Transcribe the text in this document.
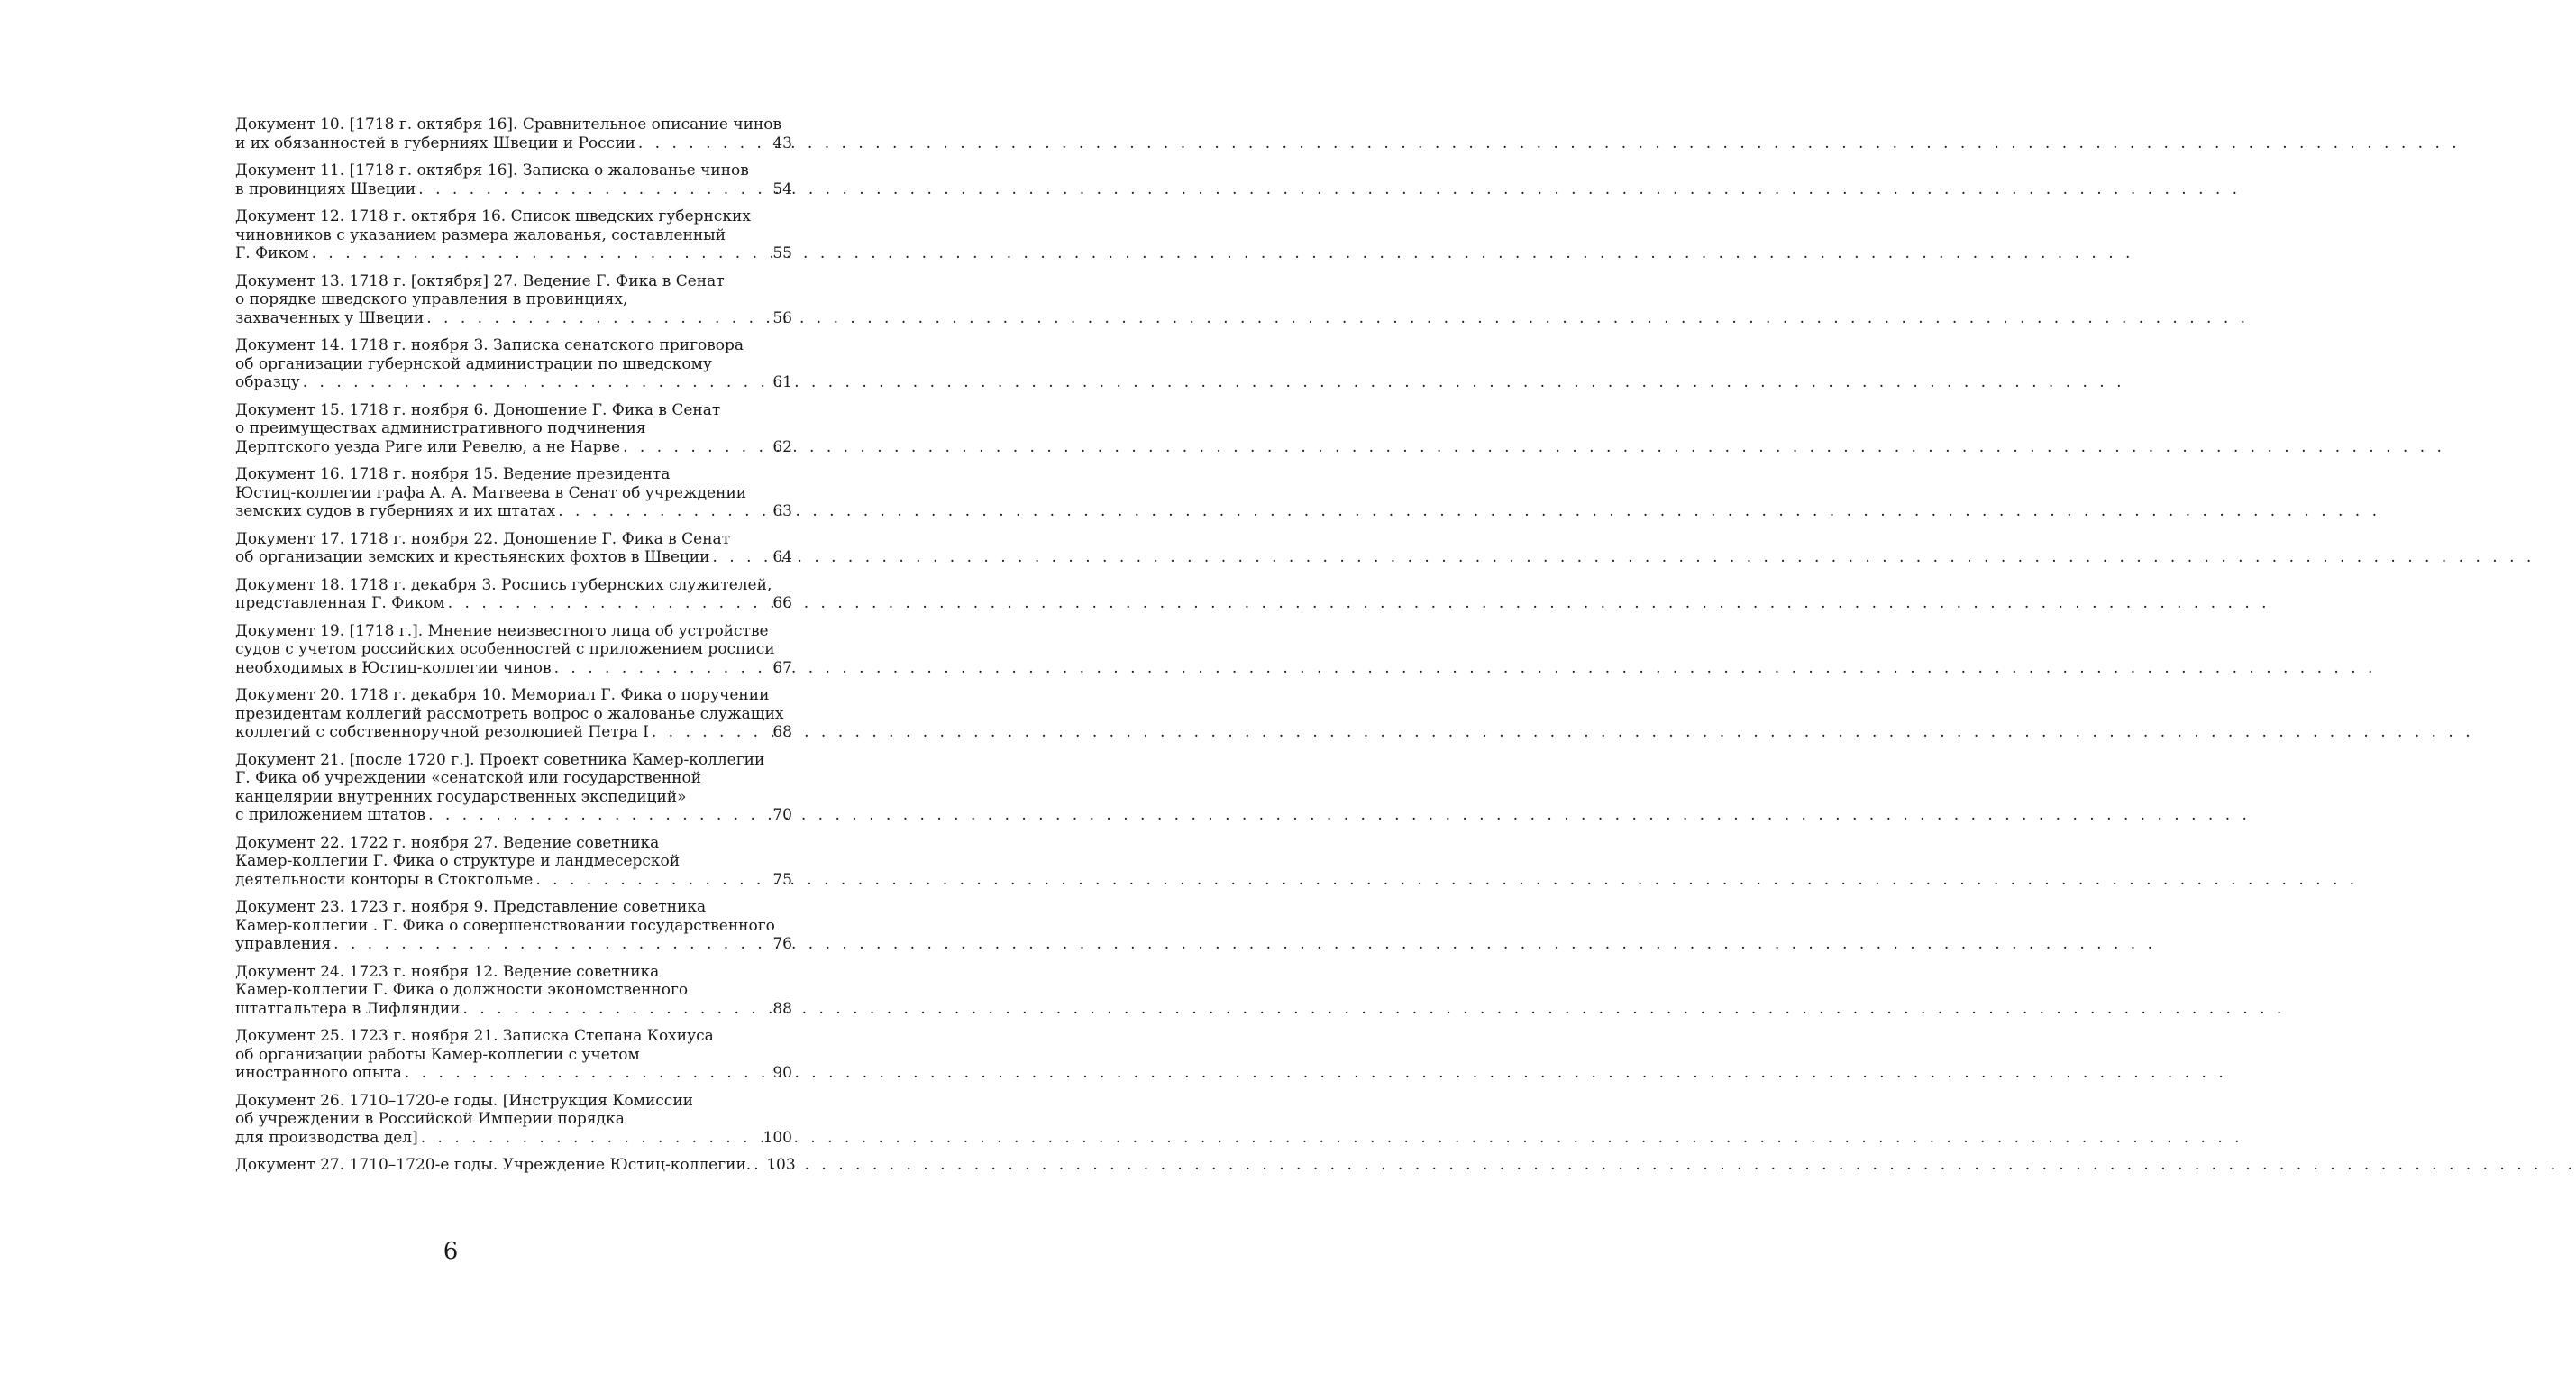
Документ 10. [1718 г. октября 16]. Сравнительное описание чинов
и их обязанностей в губерниях Швеции и России . . .	43
Документ 11. [1718 г. октября 16]. Записка о жалованье чинов
в провинциях Швеции . . .	54
Документ 12. 1718 г. октября 16. Список шведских губернских
чиновников с указанием размера жалованья, составленный
Г. Фиком . . .	55
Документ 13. 1718 г. [октября] 27. Ведение Г. Фика в Сенат
о порядке шведского управления в провинциях,
захваченных у Швеции . . .	56
Документ 14. 1718 г. ноября 3. Записка сенатского приговора
об организации губернской администрации по шведскому
образцу . . .	61
Документ 15. 1718 г. ноября 6. Доношение Г. Фика в Сенат
о преимуществах административного подчинения
Дерптского уезда Риге или Ревелю, а не Нарве . . .	62
Документ 16. 1718 г. ноября 15. Ведение президента
Юстиц-коллегии графа А. А. Матвеева в Сенат об учреждении
земских судов в губерниях и их штатах . . .	63
Документ 17. 1718 г. ноября 22. Доношение Г. Фика в Сенат
об организации земских и крестьянских фохтов в Швеции . . .	64
Документ 18. 1718 г. декабря 3. Роспись губернских служителей,
представленная Г. Фиком . . .	66
Документ 19. [1718 г.]. Мнение неизвестного лица об устройстве
судов с учетом российских особенностей с приложением росписи
необходимых в Юстиц-коллегии чинов . . .	67
Документ 20. 1718 г. декабря 10. Мемориал Г. Фика о поручении
президентам коллегий рассмотреть вопрос о жалованье служащих
коллегий с собственноручной резолюцией Петра I . . .	68
Документ 21. [после 1720 г.]. Проект советника Камер-коллегии
Г. Фика об учреждении «сенатской или государственной
канцелярии внутренних государственных экспедиций»
с приложением штатов . . .	70
Документ 22. 1722 г. ноября 27. Ведение советника
Камер-коллегии Г. Фика о структуре и ландмесерской
деятельности конторы в Стокгольме . . .	75
Документ 23. 1723 г. ноября 9. Представление советника
Камер-коллегии . Г. Фика о совершенствовании государственного
управления . . .	76
Документ 24. 1723 г. ноября 12. Ведение советника
Камер-коллегии Г. Фика о должности экономственного
штатгальтера в Лифляндии . . .	88
Документ 25. 1723 г. ноября 21. Записка Степана Кохиуса
об организации работы Камер-коллегии с учетом
иностранного опыта . . .	90
Документ 26. 1710–1720-е годы. [Инструкция Комиссии
об учреждении в Российской Империи порядка
для производства дел] . . .	100
Документ 27. 1710–1720-е годы. Учреждение Юстиц-коллегии. . . . 103
6
